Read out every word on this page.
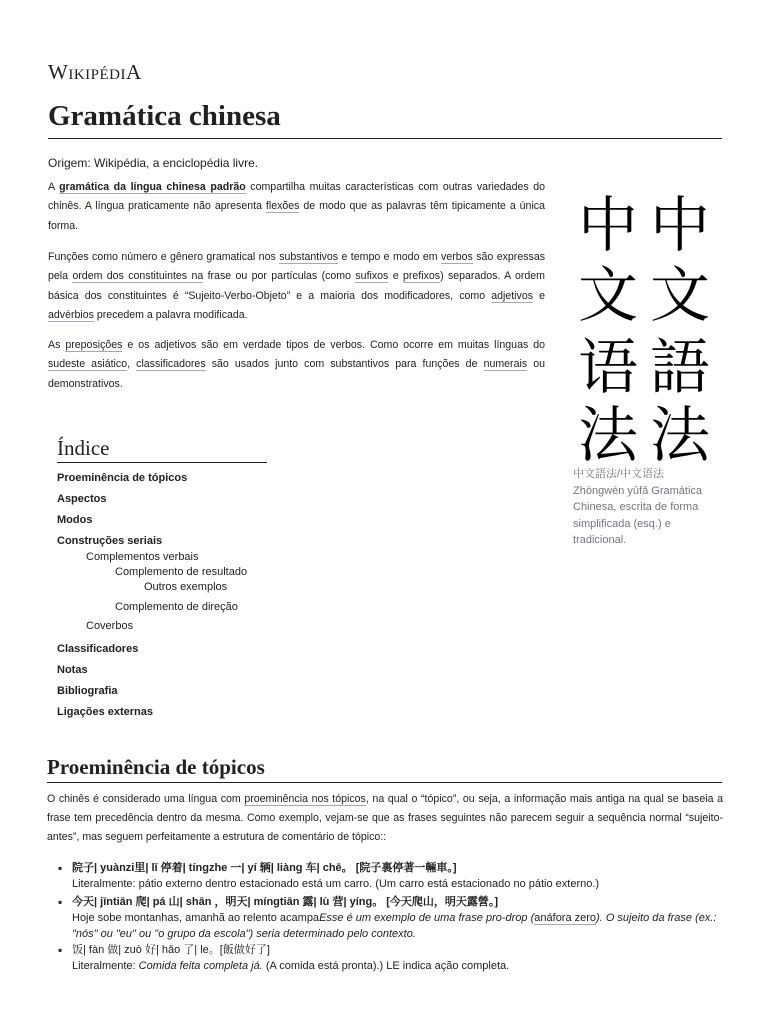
WIKIPÉDIA
Gramática chinesa
Origem: Wikipédia, a enciclopédia livre.

A gramática da língua chinesa padrão compartilha muitas características com outras variedades do chinês. A língua praticamente não apresenta flexões de modo que as palavras têm tipicamente a única forma.

Funções como número e gênero gramatical nos substantivos e tempo e modo em verbos são expressas pela ordem dos constituintes na frase ou por partículas (como sufixos e prefixos) separados. A ordem básica dos constituintes é “Sujeito-Verbo-Objeto” e a maioria dos modificadores, como adjetivos e advérbios precedem a palavra modificada.

As preposições e os adjetivos são em verdade tipos de verbos. Como ocorre em muitas línguas do sudeste asiático, classificadores são usados junto com substantivos para funções de numerais ou demonstrativos.

中
文
语
法
中
文
語
法
中文語法/中文语法 Zhōngwén yǔfǎ Gramática Chinesa, escrita de forma simplificada (esq.) e tradicional.
Índice
Proeminência de tópicos
Aspectos
Modos
Construções seriais
Complementos verbais
Complemento de resultado
Outros exemplos
Complemento de direção
Coverbos
Classificadores
Notas
Bibliografia
Ligações externas
Proeminência de tópicos

O chinês é considerado uma língua com proeminência nos tópicos, na qual o “tópico”, ou seja, a informação mais antiga na qual se baseia a frase tem precedência dentro da mesma. Como exemplo, vejam-se que as frases seguintes não parecem seguir a sequência normal “sujeito-antes”, mas seguem perfeitamente a estrutura de comentário de tópico::

▪ 院子| yuànzi里| lǐ 停着| tíngzhe 一| yí 辆| liàng 车| chē。 [院子裏停著一輛車。]
Literalmente: pátio externo dentro estacionado está um carro. (Um carro está estacionado no pátio externo.)
▪ 今天| jīntiān 爬| pá 山| shān ，明天| míngtiān 露| lù 营| yíng。 [今天爬山，明天露營。]
Hoje sobe montanhas, amanhã ao relento acampaEsse é um exemplo de uma frase pro-drop (anáfora zero). O sujeito da frase (ex.: "nós" ou "eu" ou "o grupo da escola") seria determinado pelo contexto.
▪ 饭| fàn 做| zuò 好| hǎo 了| le。[飯做好了]
Literalmente: Comida feita completa já. (A comida está pronta).) LE indica ação completa.
